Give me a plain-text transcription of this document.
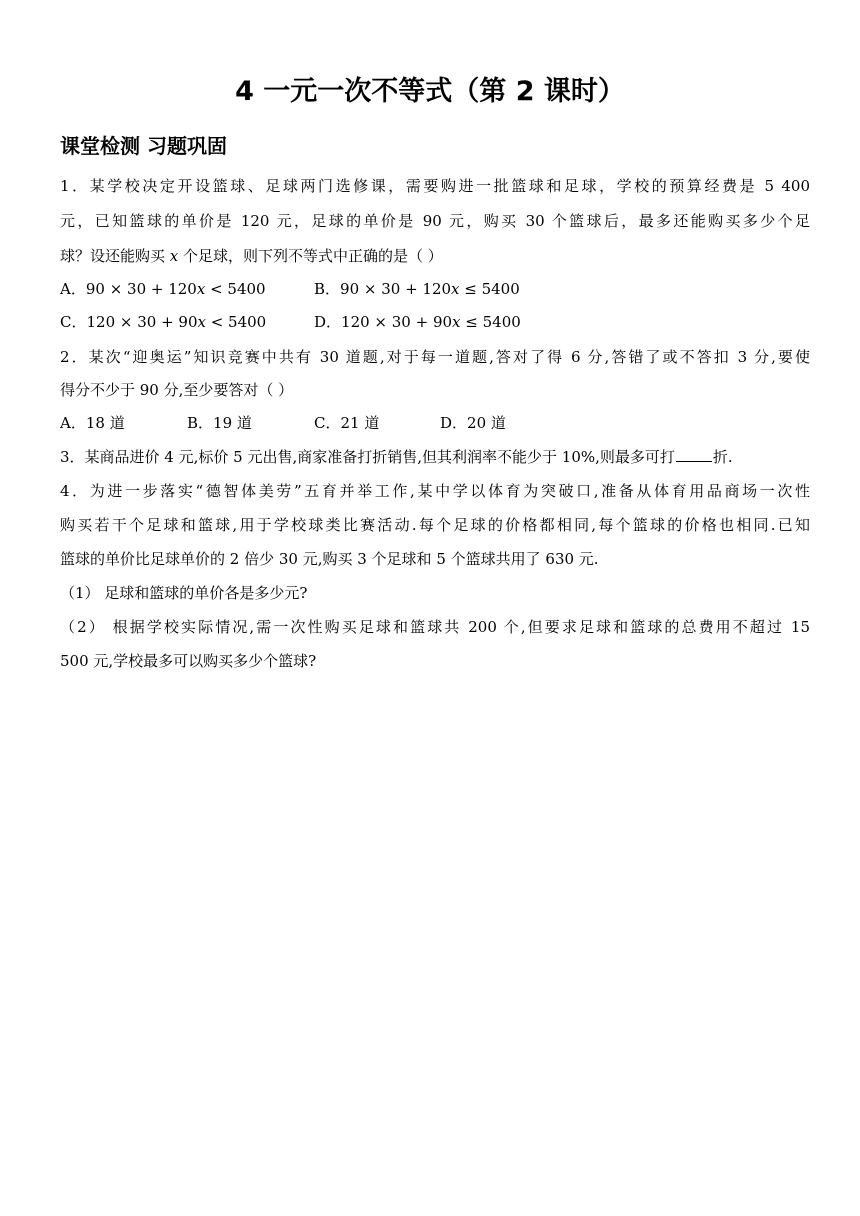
4 一元一次不等式（第 2 课时）
课堂检测 习题巩固
1．某学校决定开设篮球、足球两门选修课，需要购进一批篮球和足球，学校的预算经费是 5 400
元，已知篮球的单价是 120 元，足球的单价是 90 元，购买 30 个篮球后，最多还能购买多少个足
球？设还能购买 𝑥 个足球，则下列不等式中正确的是（ ）
A．90 × 30 + 120𝑥 < 5400	B．90 × 30 + 120𝑥 ≤ 5400
C．120 × 30 + 90𝑥 < 5400	D．120 × 30 + 90𝑥 ≤ 5400
2．某次“迎奥运”知识竞赛中共有 30 道题,对于每一道题,答对了得 6 分,答错了或不答扣 3 分,要使
得分不少于 90 分,至少要答对（ ）
A．18 道	B．19 道	C．21 道	D．20 道
3．某商品进价 4 元,标价 5 元出售,商家准备打折销售,但其利润率不能少于 10%,则最多可打	折.
4．为进一步落实“德智体美劳”五育并举工作,某中学以体育为突破口,准备从体育用品商场一次性
购买若干个足球和篮球,用于学校球类比赛活动.每个足球的价格都相同,每个篮球的价格也相同.已知
篮球的单价比足球单价的 2 倍少 30 元,购买 3 个足球和 5 个篮球共用了 630 元.
（1） 足球和篮球的单价各是多少元?
（2） 根据学校实际情况,需一次性购买足球和篮球共 200 个,但要求足球和篮球的总费用不超过 15
500 元,学校最多可以购买多少个篮球?
